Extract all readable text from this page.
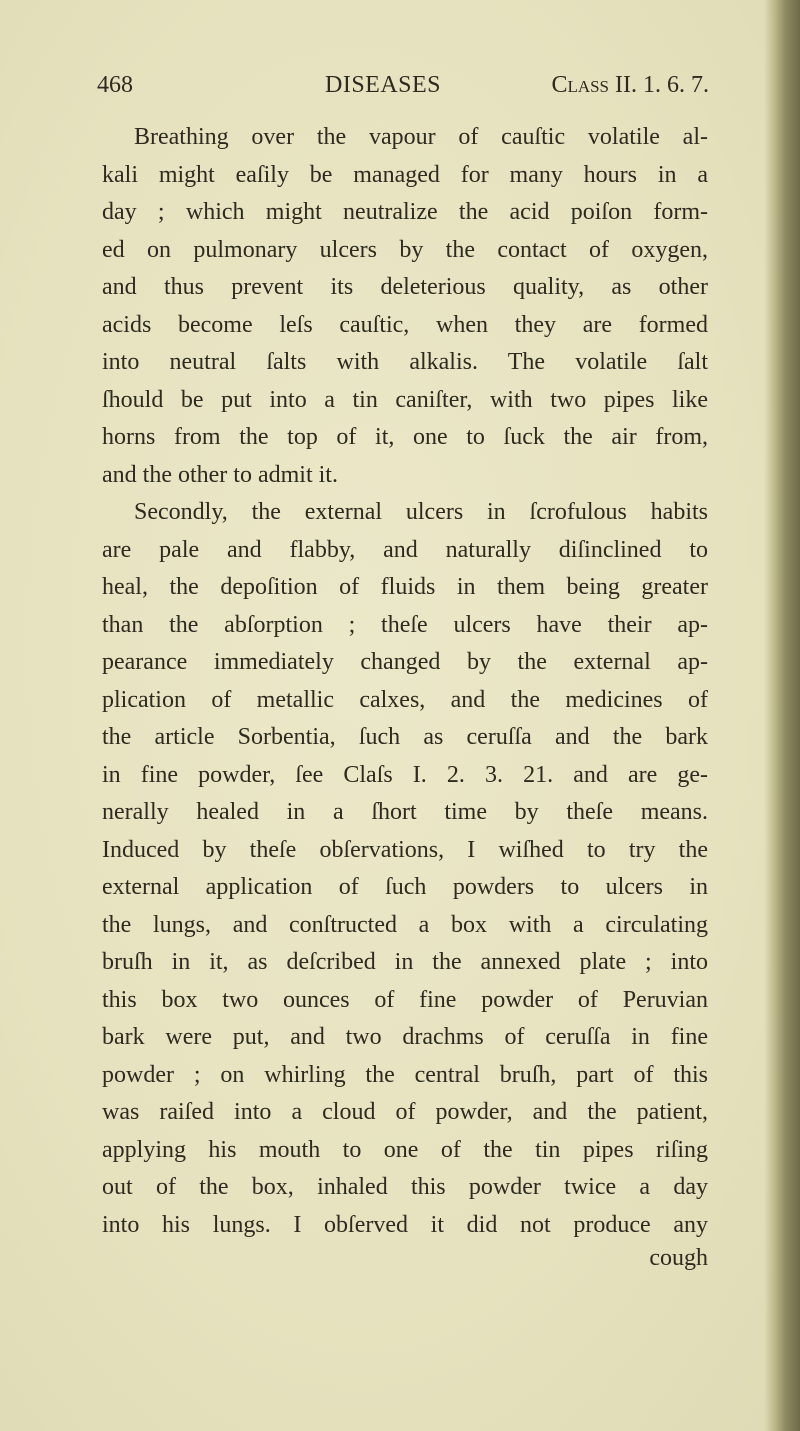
468	DISEASES	Class II. 1. 6. 7.
Breathing over the vapour of cauſtic volatile al-
kali might eaſily be managed for many hours in a
day ; which might neutralize the acid poiſon form-
ed on pulmonary ulcers by the contact of oxygen,
and thus prevent its deleterious quality, as other
acids become leſs cauſtic, when they are formed
into neutral ſalts with alkalis. The volatile ſalt
ſhould be put into a tin caniſter, with two pipes like
horns from the top of it, one to ſuck the air from,
and the other to admit it.
Secondly, the external ulcers in ſcrofulous habits
are pale and flabby, and naturally diſinclined to
heal, the depoſition of fluids in them being greater
than the abſorption ; theſe ulcers have their ap-
pearance immediately changed by the external ap-
plication of metallic calxes, and the medicines of
the article Sorbentia, ſuch as ceruſſa and the bark
in fine powder, ſee Claſs I. 2. 3. 21. and are ge-
nerally healed in a ſhort time by theſe means.
Induced by theſe obſervations, I wiſhed to try the
external application of ſuch powders to ulcers in
the lungs, and conſtructed a box with a circulating
bruſh in it, as deſcribed in the annexed plate ; into
this box two ounces of fine powder of Peruvian
bark were put, and two drachms of ceruſſa in fine
powder ; on whirling the central bruſh, part of this
was raiſed into a cloud of powder, and the patient,
applying his mouth to one of the tin pipes riſing
out of the box, inhaled this powder twice a day
into his lungs. I obſerved it did not produce any
cough
